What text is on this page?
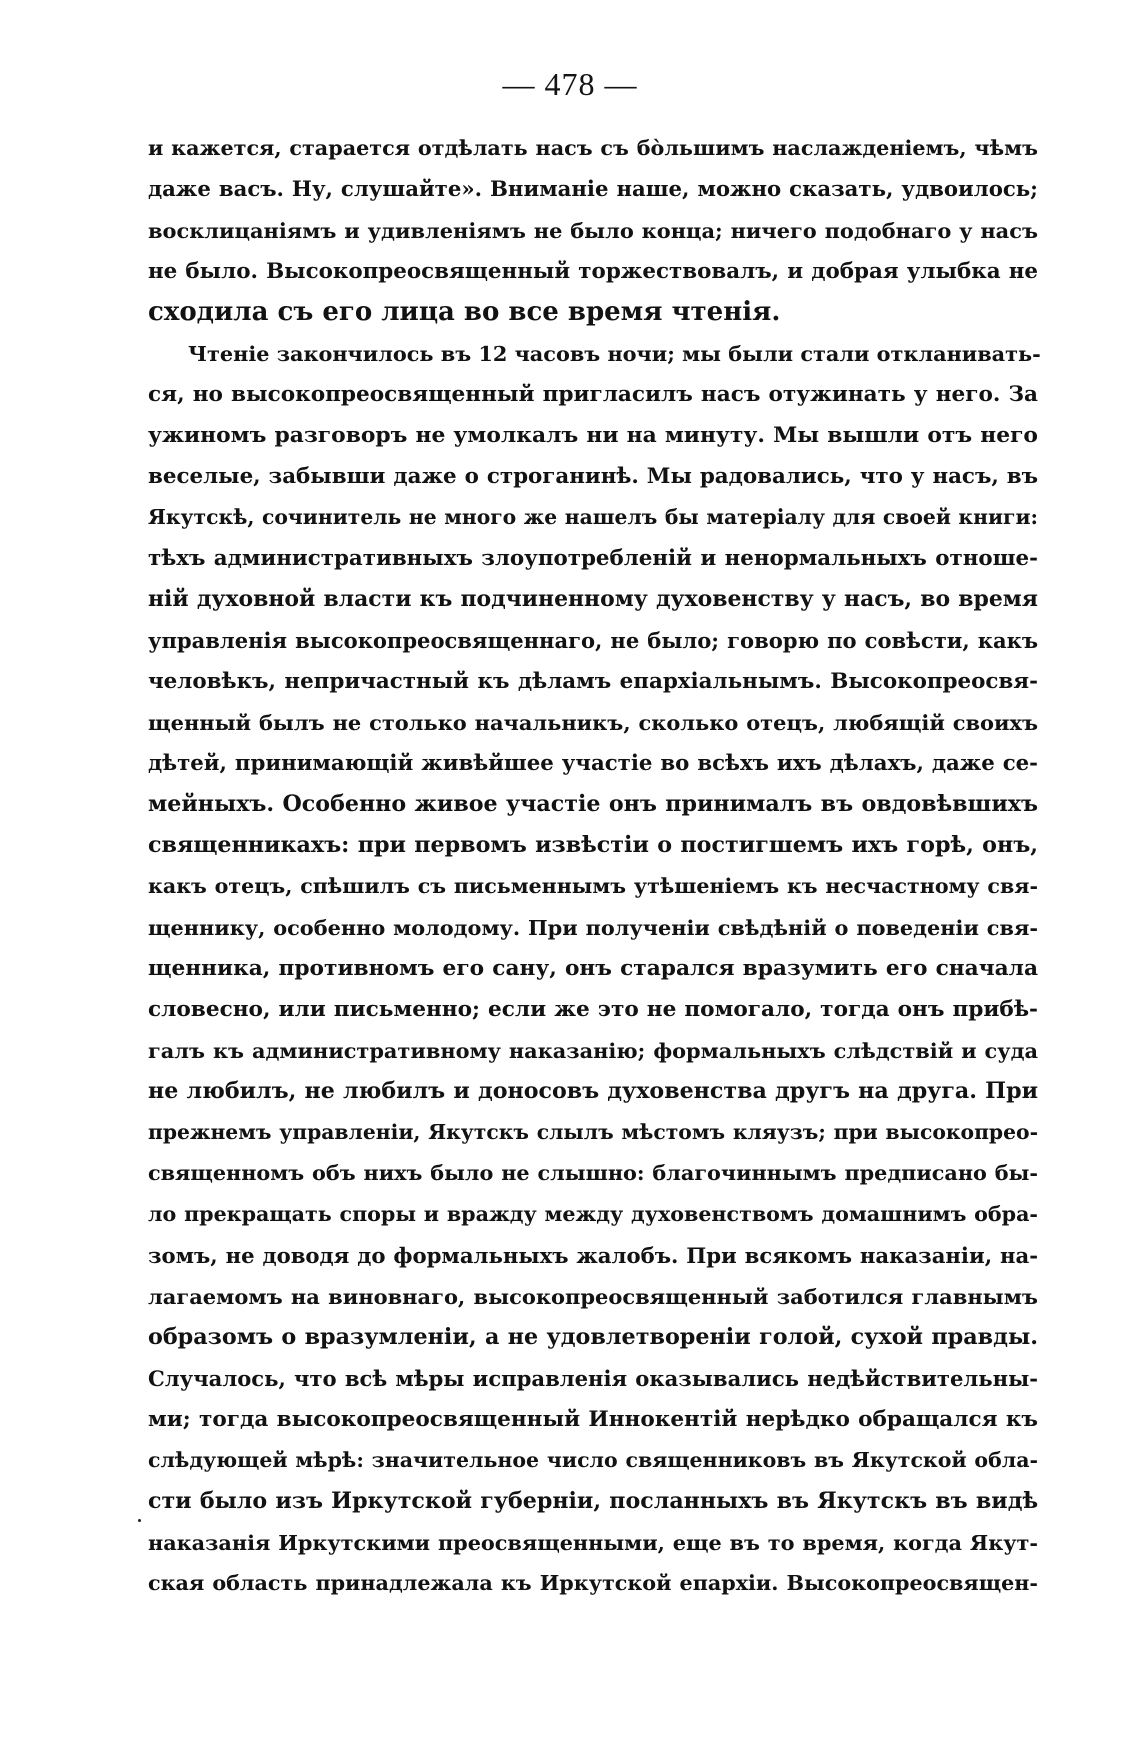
— 478 —
и кажется, старается отдѣлать насъ съ бо̀льшимъ наслажденіемъ, чѣмъ
даже васъ. Ну, слушайте». Вниманіе наше, можно сказать, удвоилось;
восклицаніямъ и удивленіямъ не было конца; ничего подобнаго у насъ
не было. Высокопреосвященный торжествовалъ, и добрая улыбка не
сходила съ его лица во все время чтенія.
Чтеніе закончилось въ 12 часовъ ночи; мы были стали откланивать-
ся, но высокопреосвященный пригласилъ насъ отужинать у него. За
ужиномъ разговоръ не умолкалъ ни на минуту. Мы вышли отъ него
веселые, забывши даже о строганинѣ. Мы радовались, что у насъ, въ
Якутскѣ, сочинитель не много же нашелъ бы матеріалу для своей книги:
тѣхъ административныхъ злоупотребленій и ненормальныхъ отноше-
ній духовной власти къ подчиненному духовенству у насъ, во время
управленія высокопреосвященнаго, не было; говорю по совѣсти, какъ
человѣкъ, непричастный къ дѣламъ епархіальнымъ. Высокопреосвя-
щенный былъ не столько начальникъ, сколько отецъ, любящій своихъ
дѣтей, принимающій живѣйшее участіе во всѣхъ ихъ дѣлахъ, даже се-
мейныхъ. Особенно живое участіе онъ принималъ въ овдовѣвшихъ
священникахъ: при первомъ извѣстіи о постигшемъ ихъ горѣ, онъ,
какъ отецъ, спѣшилъ съ письменнымъ утѣшеніемъ къ несчастному свя-
щеннику, особенно молодому. При полученіи свѣдѣній о поведеніи свя-
щенника, противномъ его сану, онъ старался вразумить его сначала
словесно, или письменно; если же это не помогало, тогда онъ прибѣ-
галъ къ административному наказанію; формальныхъ слѣдствій и суда
не любилъ, не любилъ и доносовъ духовенства другъ на друга. При
прежнемъ управленіи, Якутскъ слылъ мѣстомъ кляузъ; при высокопрео-
священномъ объ нихъ было не слышно: благочиннымъ предписано бы-
ло прекращать споры и вражду между духовенствомъ домашнимъ обра-
зомъ, не доводя до формальныхъ жалобъ. При всякомъ наказаніи, на-
лагаемомъ на виновнаго, высокопреосвященный заботился главнымъ
образомъ о вразумленіи, а не удовлетвореніи голой, сухой правды.
Случалось, что всѣ мѣры исправленія оказывались недѣйствительны-
ми; тогда высокопреосвященный Иннокентій нерѣдко обращался къ
слѣдующей мѣрѣ: значительное число священниковъ въ Якутской обла-
сти было изъ Иркутской губерніи, посланныхъ въ Якутскъ въ видѣ
наказанія Иркутскими преосвященными, еще въ то время, когда Якут-
ская область принадлежала къ Иркутской епархіи. Высокопреосвящен-
